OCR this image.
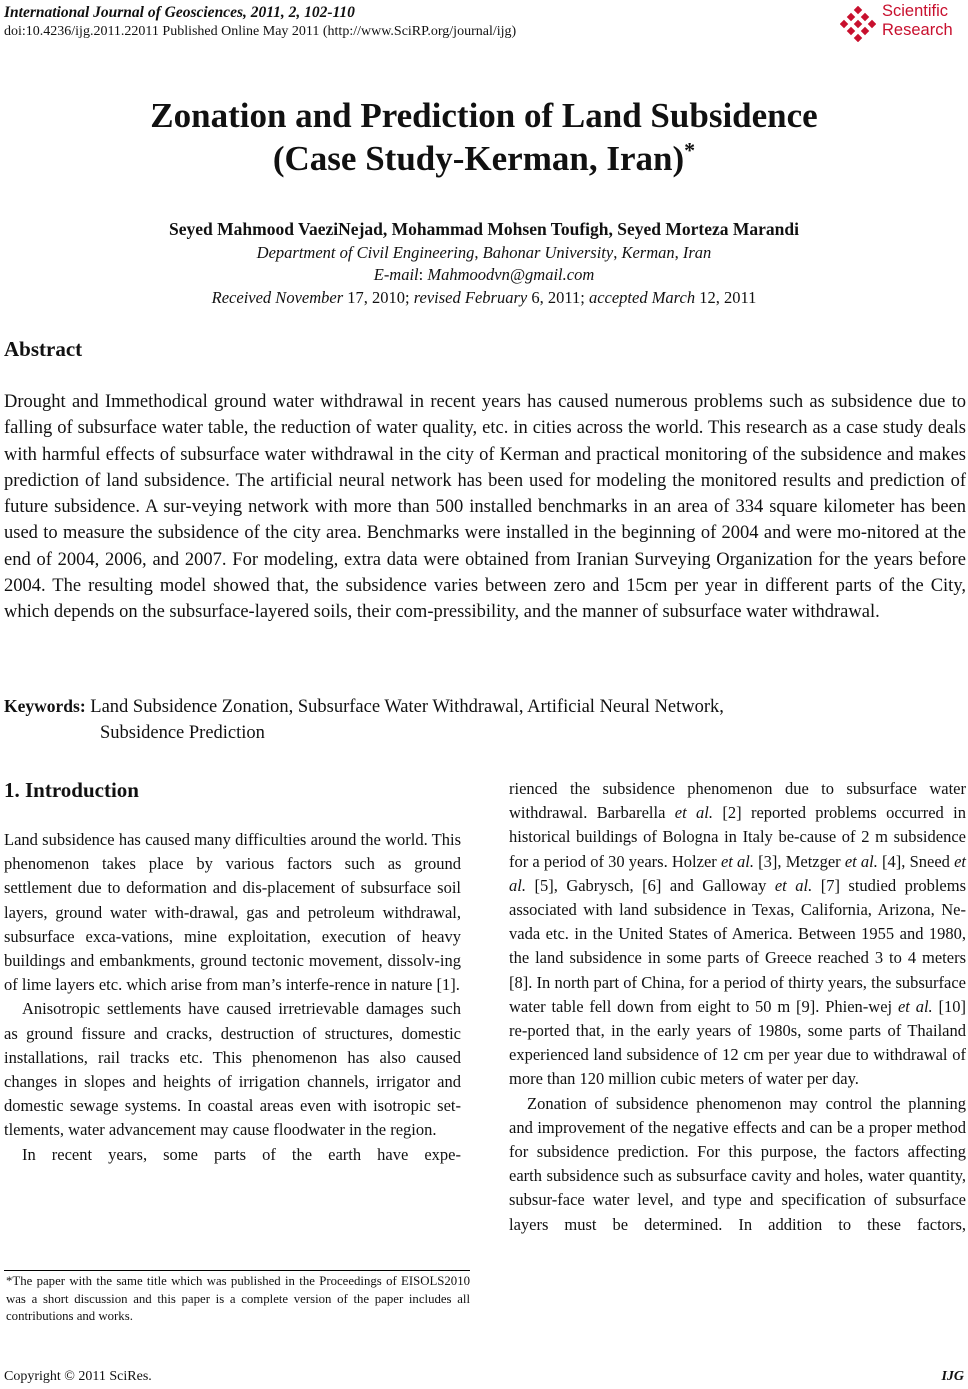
International Journal of Geosciences, 2011, 2, 102-110
doi:10.4236/ijg.2011.22011 Published Online May 2011 (http://www.SciRP.org/journal/ijg)
Scientific
Research
Zonation and Prediction of Land Subsidence
(Case Study-Kerman, Iran)*
Seyed Mahmood VaeziNejad, Mohammad Mohsen Toufigh, Seyed Morteza Marandi
Department of Civil Engineering, Bahonar University, Kerman, Iran
E-mail: Mahmoodvn@gmail.com
Received November 17, 2010; revised February 6, 2011; accepted March 12, 2011
Abstract
Drought and Immethodical ground water withdrawal in recent years has caused numerous problems such as subsidence due to falling of subsurface water table, the reduction of water quality, etc. in cities across the world. This research as a case study deals with harmful effects of subsurface water withdrawal in the city of Kerman and practical monitoring of the subsidence and makes prediction of land subsidence. The artificial neural network has been used for modeling the monitored results and prediction of future subsidence. A sur-veying network with more than 500 installed benchmarks in an area of 334 square kilometer has been used to measure the subsidence of the city area. Benchmarks were installed in the beginning of 2004 and were mo-nitored at the end of 2004, 2006, and 2007. For modeling, extra data were obtained from Iranian Surveying Organization for the years before 2004. The resulting model showed that, the subsidence varies between zero and 15cm per year in different parts of the City, which depends on the subsurface-layered soils, their com-pressibility, and the manner of subsurface water withdrawal.
Keywords: Land Subsidence Zonation, Subsurface Water Withdrawal, Artificial Neural Network,
Subsidence Prediction
1. Introduction

Land subsidence has caused many difficulties around the world. This phenomenon takes place by various factors such as ground settlement due to deformation and dis-placement of subsurface soil layers, ground water with-drawal, gas and petroleum withdrawal, subsurface exca-vations, mine exploitation, execution of heavy buildings and embankments, ground tectonic movement, dissolv-ing of lime layers etc. which arise from man’s interfe-rence in nature [1].

Anisotropic settlements have caused irretrievable damages such as ground fissure and cracks, destruction of structures, domestic installations, rail tracks etc. This phenomenon has also caused changes in slopes and heights of irrigation channels, irrigator and domestic sewage systems. In coastal areas even with isotropic set-tlements, water advancement may cause floodwater in the region.

In recent years, some parts of the earth have expe-

rienced the subsidence phenomenon due to subsurface water withdrawal. Barbarella et al. [2] reported problems occurred in historical buildings of Bologna in Italy be-cause of 2 m subsidence for a period of 30 years. Holzer et al. [3], Metzger et al. [4], Sneed et al. [5], Gabrysch, [6] and Galloway et al. [7] studied problems associated with land subsidence in Texas, California, Arizona, Ne-vada etc. in the United States of America. Between 1955 and 1980, the land subsidence in some parts of Greece reached 3 to 4 meters [8]. In north part of China, for a period of thirty years, the subsurface water table fell down from eight to 50 m [9]. Phien-wej et al. [10] re-ported that, in the early years of 1980s, some parts of Thailand experienced land subsidence of 12 cm per year due to withdrawal of more than 120 million cubic meters of water per day.

Zonation of subsidence phenomenon may control the planning and improvement of the negative effects and can be a proper method for subsidence prediction. For this purpose, the factors affecting earth subsidence such as subsurface cavity and holes, water quantity, subsur-face water level, and type and specification of subsurface layers must be determined. In addition to these factors,

*The paper with the same title which was published in the Proceedings of EISOLS2010 was a short discussion and this paper is a complete version of the paper includes all contributions and works.
Copyright © 2011 SciRes.	IJG
